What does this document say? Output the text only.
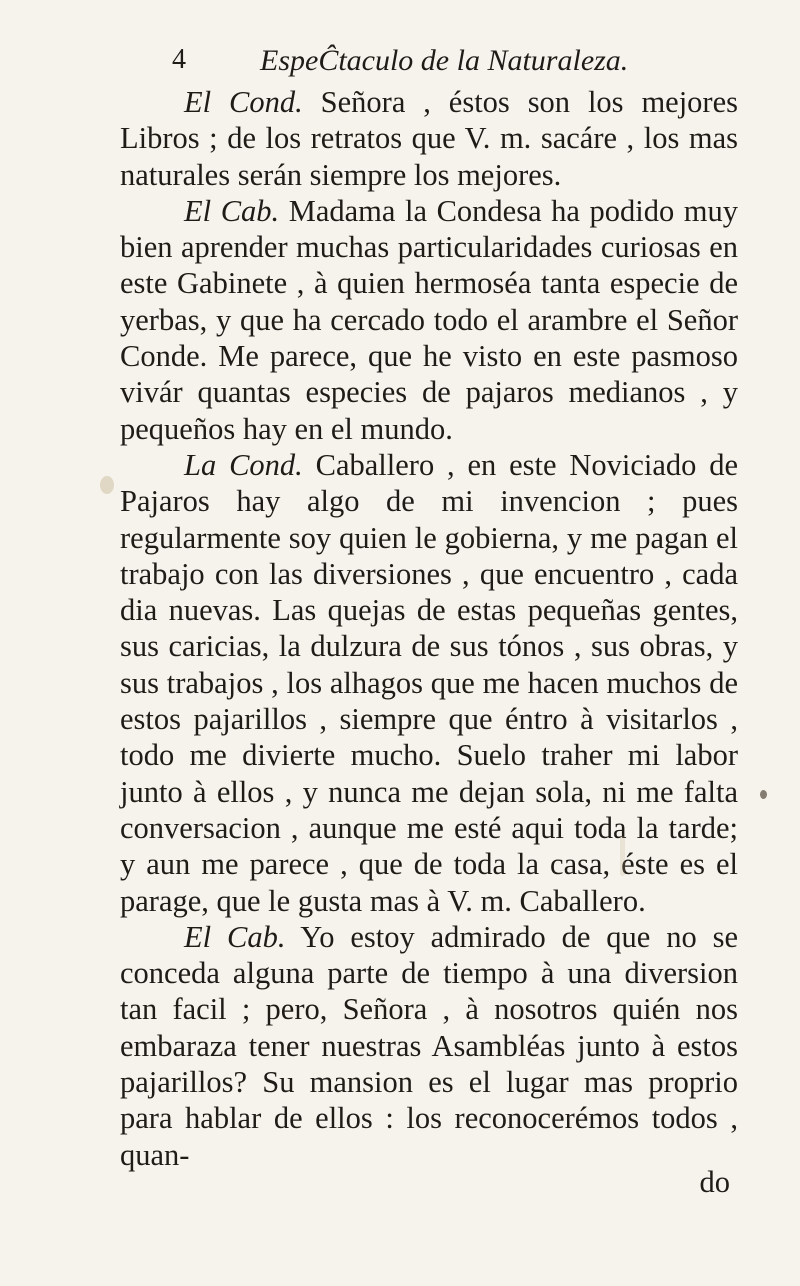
4 EspeĈtaculo de la Naturaleza.

El Cond. Señora , éstos son los mejores Libros ; de los retratos que V. m. sacáre , los mas naturales serán siempre los mejores.

El Cab. Madama la Condesa ha podido muy bien aprender muchas particularidades curiosas en este Gabinete , à quien hermoséa tanta especie de yerbas, y que ha cercado todo el arambre el Señor Conde. Me parece, que he visto en este pasmoso vivár quantas especies de pajaros medianos , y pequeños hay en el mundo.

La Cond. Caballero , en este Noviciado de Pajaros hay algo de mi invencion ; pues regularmente soy quien le gobierna, y me pagan el trabajo con las diversiones , que encuentro , cada dia nuevas. Las quejas de estas pequeñas gentes, sus caricias, la dulzura de sus tónos , sus obras, y sus trabajos , los alhagos que me hacen muchos de estos pajarillos , siempre que éntro à visitarlos , todo me divierte mucho. Suelo traher mi labor junto à ellos , y nunca me dejan sola, ni me falta conversacion , aunque me esté aqui toda la tarde; y aun me parece , que de toda la casa, éste es el parage, que le gusta mas à V. m. Caballero.

El Cab. Yo estoy admirado de que no se conceda alguna parte de tiempo à una diversion tan facil ; pero, Señora , à nosotros quién nos embaraza tener nuestras Asambléas junto à estos pajarillos? Su mansion es el lugar mas proprio para hablar de ellos : los reconocerémos todos , quan-

do
